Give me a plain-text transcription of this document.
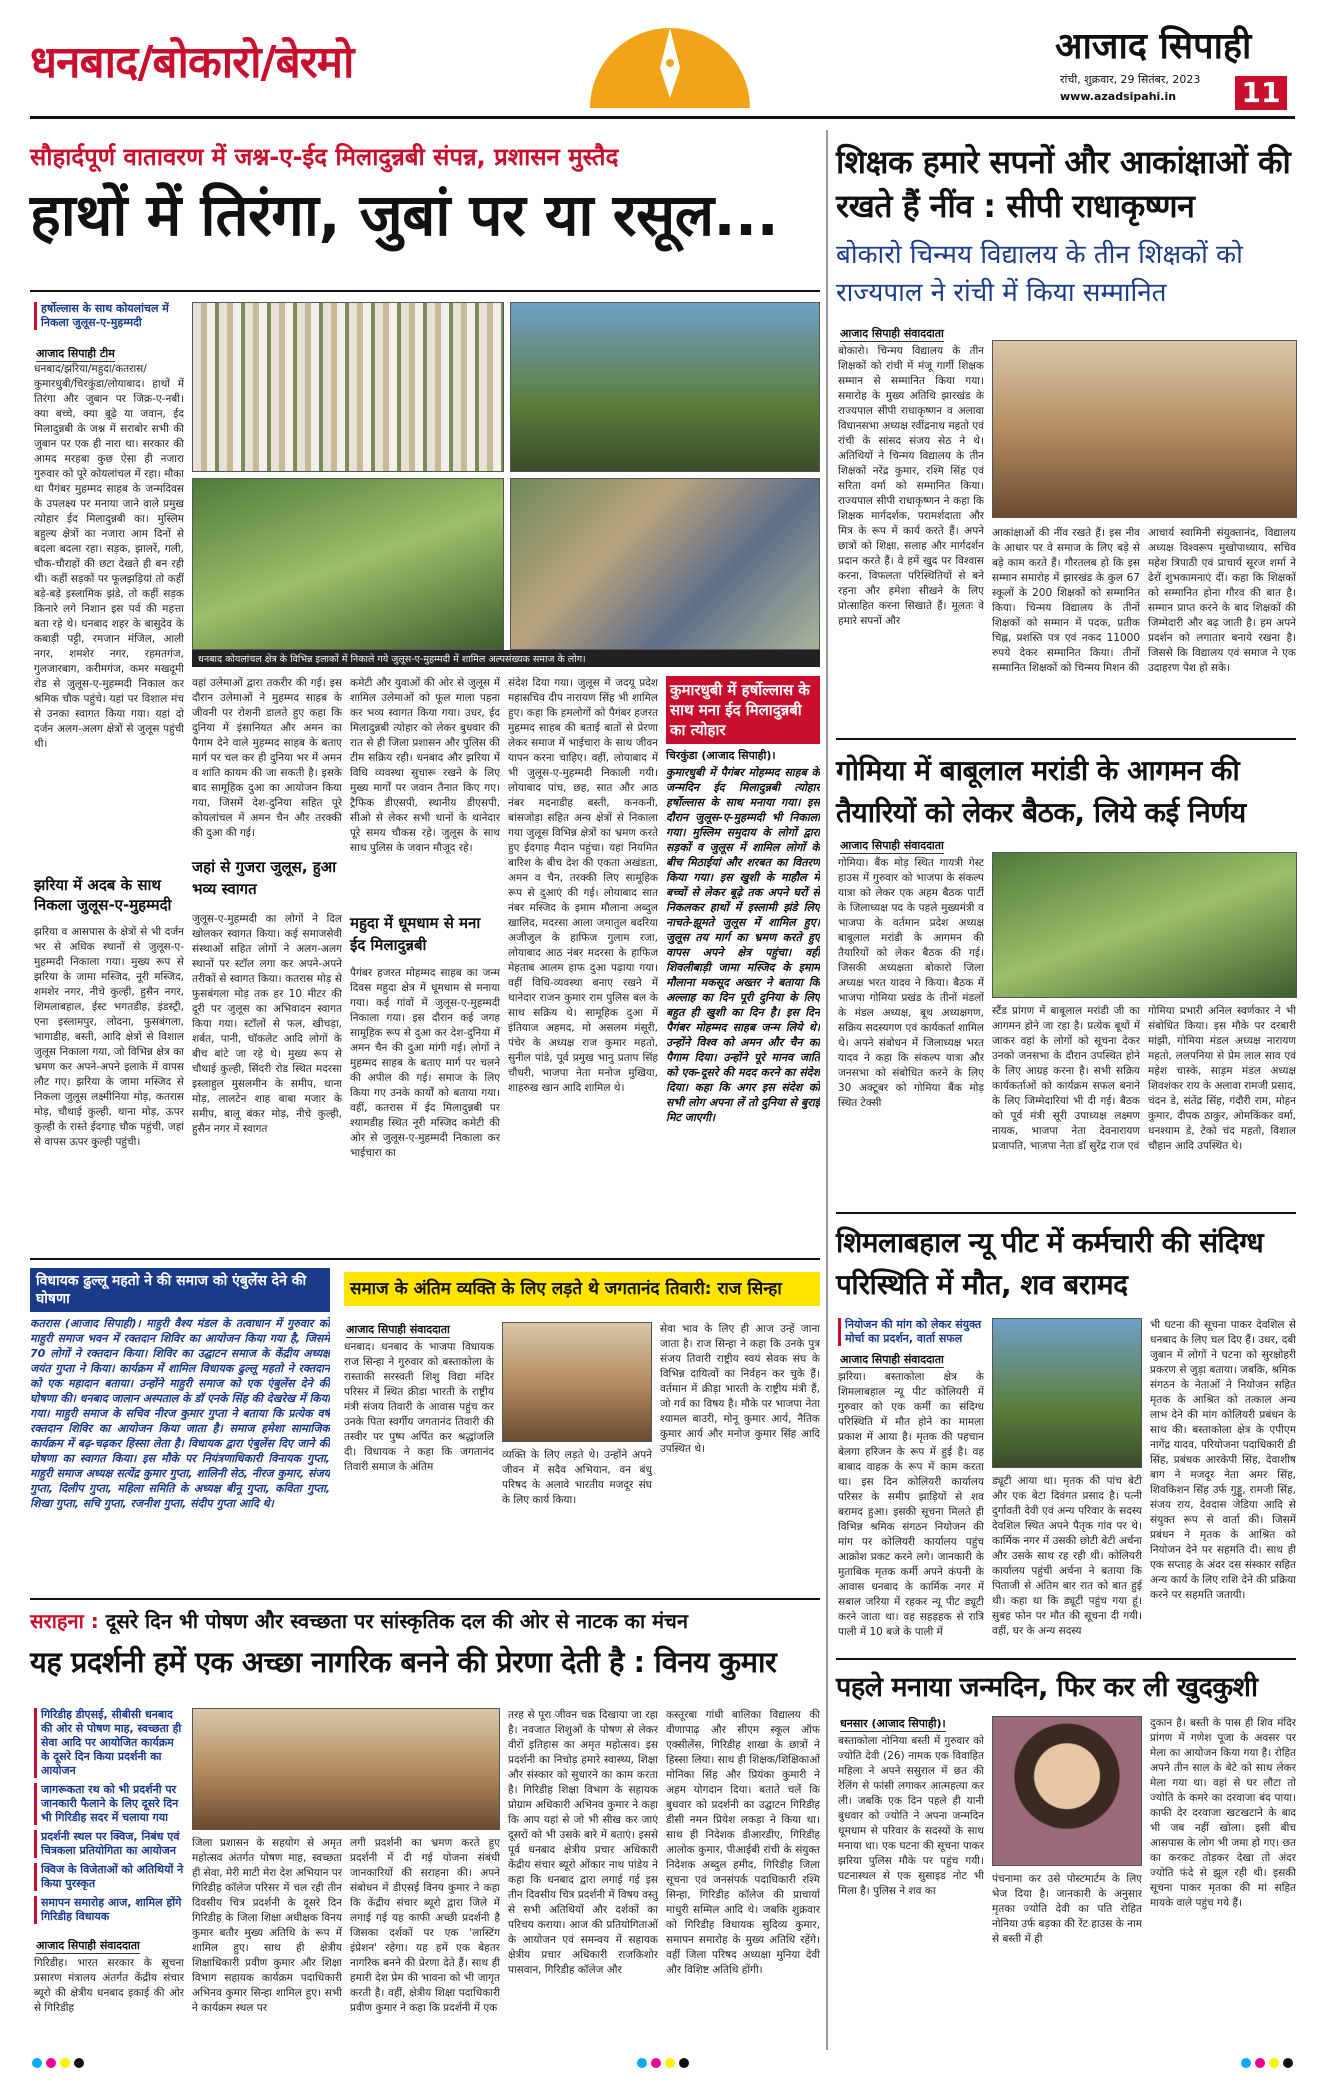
धनबाद/बोकारो/बेरमो	आजाद सिपाही
रांची, शुक्रवार, 29 सितंबर, 2023
www.azadsipahi.in 11
सौहार्दपूर्ण वातावरण में जश्न-ए-ईद मिलादुन्नबी संपन्न, प्रशासन मुस्तैद
हाथों में तिरंगा, जुबां पर या रसूल...
हर्षोल्लास के साथ कोयलांचल में निकला जुलूस-ए-मुहम्मदी
आजाद सिपाही टीम
धनबाद/झरिया/महुदा/कतरास/कुमारधुबी/चिरकुंडा/लोयाबाद। हाथों में तिरंगा और जुबान पर जिक्र-ए-नबी। क्या बच्चे, क्या बूढ़े या जवान, ईद मिलादुन्नबी के जश्न में सराबोर सभी की जुबान पर एक ही नारा था। सरकार की आमद मरहबा कुछ ऐसा ही नजारा गुरुवार को पूरे कोयलांचल में रहा। मौका था पैगंबर मुहम्मद साहब के जन्मदिवस के उपलक्ष्य पर मनाया जाने वाले प्रमुख त्योहार ईद मिलादुन्नबी का। मुस्लिम बहुल्य क्षेत्रों का नजारा आम दिनों से बदला बदला रहा। सड़क, झालरें, गली, चौक-चौराहों की छटा देखते ही बन रही थी। कहीं सड़कों पर फूलझड़ियां तो कहीं बड़े-बड़े इस्लामिक झंडे, तो कहीं सड़क किनारे लगे निशान इस पर्व की महत्ता बता रहे थे। धनबाद शहर के बासुदेव के कबाड़ी पट्टी, रमजान मंजिल, आली नगर, शमशेर नगर, रहमतगंज, गुलजारबाग, करीमगंज, कमर मखदूमी रोड से जुलूस-ए-मुहम्मदी निकाल कर श्रमिक चौक पहुंचे। यहां पर विशाल मंच से उनका स्वागत किया गया। यहां दो दर्जन अलग-अलग क्षेत्रों से जुलूस पहुंची थी।
झरिया में अदब के साथ निकला जुलूस-ए-मुहम्मदी
झरिया व आसपास के क्षेत्रों से भी दर्जन भर से अधिक स्थानों से जुलूस-ए-मुहम्मदी निकाला गया। मुख्य रूप से झरिया के जामा मस्जिद, नूरी मस्जिद, शमशेर नगर, नीचे कुल्ही, हुसैन नगर, शिमलाबहाल, ईस्ट भगतडीह, इंडस्ट्री, एना इस्लामपुर, लोदना, फुसबंगला, भागाडीह, बस्ती, आदि क्षेत्रों से विशाल जुलूस निकाला गया, जो विभिन्न क्षेत्र का भ्रमण कर अपने-अपने इलाके में वापस लौट गए। झरिया के जामा मस्जिद से निकला जुलूस लक्ष्मीनिया मोड़, कतरास मोड़, चौथाई कुल्ही, थाना मोड़, ऊपर कुल्ही के रास्ते ईदगाह चौक पहुंची, जहां से वापस ऊपर कुल्ही पहुंची।
धनबाद कोयलांचल क्षेत्र के विभिन्न इलाकों में निकाले गये जुलूस-ए-मुहम्मदी में शामिल अल्पसंख्यक समाज के लोग।
वहां उलेमाओं द्वारा तकरीर की गई। इस दौरान उलेमाओं ने मुहम्मद साहब के जीवनी पर रोशनी डालते हुए कहा कि दुनिया में इंसानियत और अमन का पैगाम देने वाले मुहम्मद साहब के बताए मार्ग पर चल कर ही दुनिया भर में अमन व शांति कायम की जा सकती है। इसके बाद सामूहिक दुआ का आयोजन किया गया, जिसमें देश-दुनिया सहित पूरे कोयलांचल में अमन चैन और तरक्की की दुआ की गई।
जहां से गुजरा जुलूस, हुआ भव्य स्वागत
जुलूस-ए-मुहम्मदी का लोगों ने दिल खोलकर स्वागत किया। कई समाजसेवी संस्थाओं सहित लोगों ने अलग-अलग स्थानों पर स्टॉल लगा कर अपने-अपने तरीकों से स्वागत किया। कतरास मोड़ से फुसबंगला मोड़ तक हर 10 मीटर की दूरी पर जुलूस का अभिवादन स्वागत किया गया। स्टॉलों से फल, खीचड़ा, शर्बत, पानी, चॉकलेट आदि लोगों के बीच बांटे जा रहे थे। मुख्य रूप से चौथाई कुल्ही, सिंदरी रोड स्थित मदरसा इस्लाहुल मुसलमीन के समीप, थाना मोड़, लालटेन शाह बाबा मजार के समीप, बालू बंकर मोड़, नीचे कुल्ही, हुसैन नगर में स्वागत
कमेटी और युवाओं की ओर से जुलूस में शामिल उलेमाओं को फूल माला पहना कर भव्य स्वागत किया गया। उधर, ईद मिलादुन्नबी त्योहार को लेकर बुधवार की रात से ही जिला प्रशासन और पुलिस की टीम सक्रिय रही। धनबाद और झरिया में विधि व्यवस्था सुचारू रखने के लिए मुख्य मार्गों पर जवान तैनात किए गए। ट्रैफिक डीएसपी, स्थानीय डीएसपी, सीओ से लेकर सभी थानों के थानेदार पूरे समय चौकस रहे। जुलूस के साथ साथ पुलिस के जवान मौजूद रहे।
महुदा में धूमधाम से मना ईद मिलादुन्नबी
पैगंबर हजरत मोहम्मद साहब का जन्म दिवस महुदा क्षेत्र में धूमधाम से मनाया गया। कई गांवों में जुलूस-ए-मुहम्मदी निकाला गया। इस दौरान कई जगह सामूहिक रूप से दुआ कर देश-दुनिया में अमन चैन की दुआ मांगी गई। लोगों ने मुहम्मद साहब के बताए मार्ग पर चलने की अपील की गई। समाज के लिए किया गए उनके कार्यों को बताया गया। वहीं, कतरास में ईद मिलादुन्नबी पर श्यामडीह स्थित नूरी मस्जिद कमेटी की ओर से जुलूस-ए-मुहम्मदी निकाला कर भाईचारा का
संदेश दिया गया। जुलूस में जदयू प्रदेश महासचिव दीप नारायण सिंह भी शामिल हुए। कहा कि हमलोगों को पैगंबर हजरत मुहम्मद साहब की बताई बातों से प्रेरणा लेकर समाज में भाईचारा के साथ जीवन यापन करना चाहिए। वहीं, लोयाबाद में भी जुलूस-ए-मुहम्मदी निकाली गयी। लोयाबाद पांच, छह, सात और आठ नंबर मदनाडीह बस्ती, कनकनी, बांसजोड़ा सहित अन्य क्षेत्रों से निकाला गया जुलूस विभिन्न क्षेत्रों का भ्रमण करते हुए ईदगाह मैदान पहुंचा। यहां नियमित बारिश के बीच देश की एकता अखंडता, अमन व चैन, तरक्की लिए सामूहिक रूप से दुआएं की गई। लोयाबाद सात नंबर मस्जिद के इमाम मौलाना अब्दुल खालिद, मदरसा आला जमातुल बदरिया अजीजुल के हाफिज गुलाम रजा, लोयाबाद आठ नंबर मदरसा के हाफिज मेहताब आलम हाफ दुआ पढ़ाया गया। वहीं विधि-व्यवस्था बनाए रखने में थानेदार राजन कुमार राम पुलिस बल के साथ सक्रिय थे। सामूहिक दुआ में इंतियाज अहमद, मो असलम मंसूरी, पंचेर के अध्यक्ष राज कुमार महतो, सुनील पांडे, पूर्व प्रमुख भानु प्रताप सिंह चौधरी, भाजपा नेता मनोज मुखिया, शाहरुख खान आदि शामिल थे।
कुमारधुबी में हर्षोल्लास के साथ मना ईद मिलादुन्नबी का त्योहार
चिरकुंडा (आजाद सिपाही)।
कुमारधुबी में पैगंबर मोहम्मद साहब के जन्मदिन ईद मिलादुन्नबी त्योहार हर्षोल्लास के साथ मनाया गया। इस दौरान जुलूस-ए-मुहम्मदी भी निकाला गया। मुस्लिम समुदाय के लोगों द्वारा सड़कों व जुलूस में शामिल लोगों के बीच मिठाईयां और शरबत का वितरण किया गया। इस खुशी के माहौल में बच्चों से लेकर बूढ़े तक अपने घरों से निकलकर हाथों में इस्लामी झंडे लिए नाचते-झूमते जुलूस में शामिल हुए। जुलूस तय मार्ग का भ्रमण करते हुए वापस अपने क्षेत्र पहुंचा। वहीं शिवलीबाड़ी जामा मस्जिद के इमाम मौलाना मकसूद अख्तर ने बताया कि अल्लाह का दिन पूरी दुनिया के लिए बहुत ही खुशी का दिन है। इस दिन पैगंबर मोहम्मद साहब जन्म लिये थे। उन्होंने विश्व को अमन और चैन का पैगाम दिया। उन्होंने पूरे मानव जाति को एक-दूसरे की मदद करने का संदेश दिया। कहा कि अगर इस संदेश को सभी लोग अपना लें तो दुनिया से बुराई मिट जाएगी।
शिक्षक हमारे सपनों और आकांक्षाओं की रखते हैं नींव : सीपी राधाकृष्णन
बोकारो चिन्मय विद्यालय के तीन शिक्षकों को राज्यपाल ने रांची में किया सम्मानित
आजाद सिपाही संवाददाता
बोकारो। चिन्मय विद्यालय के तीन शिक्षकों को रांची में मंजू गार्गी शिक्षक सम्मान से सम्मानित किया गया। समारोह के मुख्य अतिथि झारखंड के राज्यपाल सीपी राधाकृष्णन व अलावा विधानसभा अध्यक्ष रवींद्रनाथ महतो एवं रांची के सांसद संजय सेठ ने थे। अतिथियों ने चिन्मय विद्यालय के तीन शिक्षकों नरेंद्र कुमार, रश्मि सिंह एवं सरिता वर्मा को सम्मानित किया। राज्यपाल सीपी राधाकृष्णन ने कहा कि शिक्षक मार्गदर्शक, परामर्शदाता और मित्र के रूप में कार्य करते हैं। अपने छात्रों को शिक्षा, सलाह और मार्गदर्शन प्रदान करते हैं। वे हमें खुद पर विश्वास करना, विफलता परिस्थितियों से बने रहना और हमेशा सीखने के लिए प्रोत्साहित करना सिखाते हैं। मूलतः वे हमारे सपनों और
आकांक्षाओं की नींव रखते हैं। इस नीव के आधार पर वे समाज के लिए बड़े से बड़े काम करते हैं। गौरतलब हो कि इस सम्मान समारोह में झारखंड के कुल 67 स्कूलों के 200 शिक्षकों को सम्मानित किया। चिन्मय विद्यालय के तीनों शिक्षकों को सम्मान में पदक, प्रतीक चिह्न, प्रशस्ति पत्र एवं नकद 11000 रुपये देकर सम्मानित किया। तीनों सम्मानित शिक्षकों को चिन्मय मिशन की
आचार्य स्वामिनी संयुक्तानंद, विद्यालय अध्यक्ष विश्वरूप मुखोपाध्याय, सचिव महेश त्रिपाठी एवं प्राचार्य सूरज शर्मा ने ढेरों शुभकामनाएं दीं। कहा कि शिक्षकों को सम्मानित होना गौरव की बात है। सम्मान प्राप्त करने के बाद शिक्षकों की जिम्मेदारी और बढ़ जाती है। हम अपने प्रदर्शन को लगातार बनाये रखना है। जिससे कि विद्यालय एवं समाज ने एक उदाहरण पेश हो सके।
गोमिया में बाबूलाल मरांडी के आगमन की तैयारियों को लेकर बैठक, लिये कई निर्णय
आजाद सिपाही संवाददाता
गोमिया। बैंक मोड़ स्थित गायत्री गेस्ट हाउस में गुरुवार को भाजपा के संकल्प यात्रा को लेकर एक अहम बैठक पार्टी के जिलाध्यक्ष पद के पहले मुख्यमंत्री व भाजपा के वर्तमान प्रदेश अध्यक्ष बाबूलाल मरांडी के आगमन की तैयारियों को लेकर बैठक की गई। जिसकी अध्यक्षता बोकारो जिला अध्यक्ष भरत यादव ने किया। बैठक में भाजपा गोमिया प्रखंड के तीनों मंडलों के मंडल अध्यक्ष, बूथ अध्यक्षगण, सक्रिय सदस्यगण एवं कार्यकर्ता शामिल थे। अपने संबोधन में जिलाध्यक्ष भरत यादव ने कहा कि संकल्प यात्रा और जनसभा को संबोधित करने के लिए 30 अक्टूबर को गोमिया बैंक मोड़ स्थित टेक्सी
स्टैंड प्रांगण में बाबूलाल मरांडी जी का आगमन होने जा रहा है। प्रत्येक बूथों में जाकर वहां के लोगों को सूचना देकर उनको जनसभा के दौरान उपस्थित होने के लिए आग्रह करना है। सभी सक्रिय कार्यकर्ताओं को कार्यक्रम सफल बनाने के लिए जिम्मेदारियां भी दी गई। बैठक को पूर्व मंत्री सूरी उपाध्यक्ष लक्ष्मण नायक, भाजपा नेता देवनारायण प्रजापति, भाजपा नेता डॉ सुरेंद्र राज एवं
गोमिया प्रभारी अनिल स्वर्णकार ने भी संबोधित किया। इस मौके पर दरबारी मांझी, गोमिया मंडल अध्यक्ष नारायण महतो, ललपनिया से प्रेम लाल साव एवं महेश चास्के, साड़म मंडल अध्यक्ष शिवशंकर राय के अलावा रामजी प्रसाद, चंदन डे, संतेंद्र सिंह, गंदौरी राम, मोहन कुमार, दीपक ठाकुर, ओमकिंकर वर्मा, धनश्याम डे, टेको चंद महतो, विशाल चौहान आदि उपस्थित थे।
शिमलाबहाल न्यू पीट में कर्मचारी की संदिग्ध परिस्थिति में मौत, शव बरामद
नियोजन की मांग को लेकर संयुक्त मोर्चा का प्रदर्शन, वार्ता सफल
आजाद सिपाही संवाददाता
झरिया। बस्ताकोला क्षेत्र के शिमलाबहाल न्यू पीट कोलियरी में गुरुवार को एक कर्मी का संदिग्ध परिस्थिति में मौत होने का मामला प्रकाश में आया है। मृतक की पहचान बेलगा हरिजन के रूप में हुई है। वह बाबाद वाहक के रूप में काम करता था। इस दिन कोलियरी कार्यालय परिसर के समीप झाड़ियों से शव बरामद हुआ। इसकी सूचना मिलते ही विभिन्न श्रमिक संगठन नियोजन की मांग पर कोलियरी कार्यालय पहुंच आक्रोश प्रकट करने लगे। जानकारी के मुताबिक मृतक कर्मी अपने कंपनी के आवास धनबाद के कार्मिक नगर में सबाल जरिया में रहकर न्यू पीट ड्यूटी करने जाता था। वह सहड़हक से रात्रि पाली में 10 बजे के पाली में
ड्यूटी आया था। मृतक की पांच बेटी और एक बेटा दिवंगत प्रसाद है। पत्नी दुर्गावती देवी एवं अन्य परिवार के सदस्य देवशिल स्थित अपने पैतृक गांव पर थे। कार्मिक नगर में उसकी छोटी बेटी अर्चना और उसके साथ रह रही थी। कोलियरी कार्यालय पहुंची अर्चना ने बताया कि पिताजी से अंतिम बार रात को बात हुई थी। कहा था कि ड्यूटी पहुंच गया हूं। सुबह फोन पर मौत की सूचना दी गयी। वहीं, घर के अन्य सदस्य
भी घटना की सूचना पाकर देवशिल से धनबाद के लिए चल दिए हैं। उधर, दबी जुबान में लोगों ने घटना को सुरक्षोहरी प्रकरण से जुड़ा बताया। जबकि, श्रमिक संगठन के नेताओं ने नियोजन सहित मृतक के आश्रित को तत्काल अन्य लाभ देने की मांग कोलियरी प्रबंधन के साथ की। बस्ताकोला क्षेत्र के एपीएम नागेंद्र यादव, परियोजना पदाधिकारी डी सिंह, प्रबंधक आरकेपी सिंह, देवाशीष बाग ने मजदूर नेता अमर सिंह, शिवकिशन सिंह उर्फ गुड्डू, रामजी सिंह, संजय राय, देवदास जेडिया आदि से संयुक्त रूप से वार्ता की। जिसमें प्रबंधन ने मृतक के आश्रित को नियोजन देने पर सहमति दी। साथ ही एक सप्ताह के अंदर दस संस्कार सहित अन्य कार्य के लिए राशि देने की प्रक्रिया करने पर सहमति जतायी।
पहले मनाया जन्मदिन, फिर कर ली खुदकुशी
धनसार (आजाद सिपाही)।
बस्ताकोला नोनिया बस्ती में गुरुवार को ज्योति देवी (26) नामक एक विवाहित महिला ने अपने ससुराल में छत की रेलिंग से फांसी लगाकर आत्महत्या कर ली। जबकि एक दिन पहले ही यानी बुधवार को ज्योति ने अपना जन्मदिन धूमधाम से परिवार के सदस्यों के साथ मनाया था। एक घटना की सूचना पाकर झरिया पुलिस मौके पर पहुंच गयी। घटनास्थल से एक सुसाइड नोट भी मिला है। पुलिस ने शव का
पंचनामा कर उसे पोस्टमार्टम के लिए भेज दिया है। जानकारी के अनुसार मृतका ज्योति देवी का पति रोहित नोनिया उर्फ बड़का की रेंट हाउस के नाम से बस्ती में ही
दुकान है। बस्ती के पास ही शिव मंदिर प्रांगण में गणेश पूजा के अवसर पर मेला का आयोजन किया गया है। रोहित अपने तीन साल के बेटे को साथ लेकर मेला गया था। वहां से घर लौटा तो ज्योति के कमरे का दरवाजा बंद पाया। काफी देर दरवाजा खटखटाने के बाद भी जब नहीं खोला। इसी बीच आसपास के लोग भी जमा हो गए। छत का करकट तोड़कर देखा तो अंदर ज्योति फंदे से झूल रही थी। इसकी सूचना पाकर मृतका की मां सहित मायके वाले पहुंच गये हैं।
विधायक ढुल्लू महतो ने की समाज को एंबुलेंस देने की घोषणा
कतरास (आजाद सिपाही)। माहुरी वैश्य मंडल के तत्वाधान में गुरुवार को माहुरी समाज भवन में रक्तदान शिविर का आयोजन किया गया है, जिसमें 70 लोगों ने रक्तदान किया। शिविर का उद्घाटन समाज के केंद्रीय अध्यक्ष जयंत गुप्ता ने किया। कार्यक्रम में शामिल विधायक ढुल्लू महतो ने रक्तदान को एक महादान बताया। उन्होंने माहुरी समाज को एक एंबुलेंस देने की घोषणा की। धनबाद जालान अस्पताल के डॉ एनके सिंह की देखरेख में किया गया। माहुरी समाज के सचिव नीरज कुमार गुप्ता ने बताया कि प्रत्येक वर्ष रक्तदान शिविर का आयोजन किया जाता है। समाज हमेशा सामाजिक कार्यक्रम में बढ़-चढ़कर हिस्सा लेता है। विधायक द्वारा एंबुलेंस दिए जाने की घोषणा का स्वागत किया। इस मौके पर नियंत्रणाधिकारी विनायक गुप्ता, माहुरी समाज अध्यक्ष सत्येंद्र कुमार गुप्ता, शालिनी सेठ, नीरज कुमार, संजय गुप्ता, दिलीप गुप्ता, महिला समिति के अध्यक्ष बीनू गुप्ता, कविता गुप्ता, शिखा गुप्ता, सचि गुप्ता, रजनीश गुप्ता, संदीप गुप्ता आदि थे।
समाज के अंतिम व्यक्ति के लिए लड़ते थे जगतानंद तिवारी: राज सिन्हा
आजाद सिपाही संवाददाता
धनबाद। धनबाद के भाजपा विधायक राज सिन्हा ने गुरुवार को बस्ताकोला के रास्ताकी सरस्वती शिशु विद्या मंदिर परिसर में स्थित क्रीडा भारती के राष्ट्रीय मंत्री संजय तिवारी के आवास पहुंच कर उनके पिता स्वर्गीय जगतानंद तिवारी की तस्वीर पर पुष्प अर्पित कर श्रद्धांजलि दी। विधायक ने कहा कि जगतानंद तिवारी समाज के अंतिम
व्यक्ति के लिए लड़ते थे। उन्होंने अपने जीवन में सदैव अभियान, वन बंधु परिषद के अलावे भारतीय मजदूर संघ के लिए कार्य किया।
सेवा भाव के लिए ही आज उन्हें जाना जाता है। राज सिन्हा ने कहा कि उनके पुत्र संजय तिवारी राष्ट्रीय स्वयं सेवक संघ के विभिन्न दायित्वों का निर्वहन कर चुके हैं। वर्तमान में क्रीड़ा भारती के राष्ट्रीय मंत्री हैं, जो गर्व का विषय है। मौके पर भाजपा नेता श्यामल बाउरी, मोनू कुमार आर्य, नैतिक कुमार आर्य और मनोज कुमार सिंह आदि उपस्थित थे।
सराहना : दूसरे दिन भी पोषण और स्वच्छता पर सांस्कृतिक दल की ओर से नाटक का मंचन
यह प्रदर्शनी हमें एक अच्छा नागरिक बनने की प्रेरणा देती है : विनय कुमार
गिरिडीह डीएसई, सीबीसी धनबाद की ओर से पोषण माह, स्वच्छता ही सेवा आदि पर आयोजित कार्यक्रम के दूसरे दिन किया प्रदर्शनी का आयोजन
जागरूकता रथ को भी प्रदर्शनी पर जानकारी फैलाने के लिए दूसरे दिन भी गिरिडीह सदर में चलाया गया
प्रदर्शनी स्थल पर क्विज, निबंध एवं चित्रकला प्रतियोगिता का आयोजन
क्विज के विजेताओं को अतिथियों ने किया पुरस्कृत
समापन समारोह आज, शामिल होंगे गिरिडीह विधायक
आजाद सिपाही संवाददाता
गिरिडीह। भारत सरकार के सूचना प्रसारण मंत्रालय अंतर्गत केंद्रीय संचार ब्यूरो की क्षेत्रीय धनबाद इकाई की ओर से गिरिडीह
जिला प्रशासन के सहयोग से अमृत महोत्सव अंतर्गत पोषण माह, स्वच्छता ही सेवा, मेरी माटी मेरा देश अभियान पर गिरिडीह कॉलेज परिसर में चल रही तीन दिवसीय चित्र प्रदर्शनी के दूसरे दिन गिरिडीह के जिला शिक्षा अधीक्षक विनय कुमार बतौर मुख्य अतिथि के रूप में शामिल हुए। साथ ही क्षेत्रीय शिक्षाधिकारी प्रवीण कुमार और शिक्षा विभाग सहायक कार्यक्रम पदाधिकारी अभिनव कुमार सिन्हा शामिल हुए। सभी ने कार्यक्रम स्थल पर
लगी प्रदर्शनी का भ्रमण करते हुए प्रदर्शनी में दी गई योजना संबंधी जानकारियों की सराहना की। अपने संबोधन में डीएसई विनय कुमार ने कहा कि केंद्रीय संचार ब्यूरो द्वारा जिले में लगाई गई यह काफी अच्छी प्रदर्शनी है जिसका दर्शकों पर एक 'लास्टिंग इंप्रेशन' रहेगा। यह हमें एक बेहतर नागरिक बनने की प्रेरणा देते हैं। साथ ही हमारी देश प्रेम की भावना को भी जागृत करती है। वहीं, क्षेत्रीय शिक्षा पदाधिकारी प्रवीण कुमार ने कहा कि प्रदर्शनी में एक
तरह से पूरा जीवन चक्र दिखाया जा रहा है। नवजात शिशुओं के पोषण से लेकर वीरों इतिहास का अमृत महोत्सव। इस प्रदर्शनी का निचोड़ हमारे स्वास्थ्य, शिक्षा और संस्कार को सुधारने का काम करता है। गिरिडीह शिक्षा विभाग के सहायक प्रोग्राम अधिकारी अभिनव कुमार ने कहा कि आप यहां से जो भी सीख कर जाएं दूसरों को भी उसके बारे में बताएं। इससे पूर्व धनबाद क्षेत्रीय प्रचार अधिकारी केंद्रीय संचार ब्यूरो ओंकार नाथ पांडेय ने कहा कि धनबाद द्वारा लगाई गई इस तीन दिवसीय चित्र प्रदर्शनी में विषय वस्तु से सभी अतिथियों और दर्शकों का परिचय कराया। आज की प्रतियोगिताओं के आयोजन एवं समन्वय में सहायक क्षेत्रीय प्रचार अधिकारी राजकिशोर पासवान, गिरिडीह कॉलेज और
कस्तूरबा गांधी बालिका विद्यालय की वीणापाढ़ और सीएम स्कूल ऑफ एक्सीलेंस, गिरिडीह शाखा के छात्रों ने हिस्सा लिया। साथ ही शिक्षक/शिक्षिकाओं मोनिका सिंह और प्रियंका कुमारी ने अहम योगदान दिया। बताते चलें कि बुधवार को प्रदर्शनी का उद्घाटन गिरिडीह डीसी नमन प्रियेश लकड़ा ने किया था। साथ ही निदेशक डीआरडीए, गिरिडीह आलोक कुमार, पीआईबी रांची के संयुक्त निदेशक अब्दुल हमीद, गिरिडीह जिला सूचना एवं जनसंपर्क पदाधिकारी रश्मि सिन्हा, गिरिडीह कॉलेज की प्राचार्या माधुरी सम्मिल आदि थे। जबकि शुक्रवार को गिरिडीह विधायक सुदिव्य कुमार, समापन समारोह के मुख्य अतिथि रहेंगे। वहीं जिला परिषद अध्यक्षा मुनिया देवी और विशिष्ट अतिथि होंगी।
